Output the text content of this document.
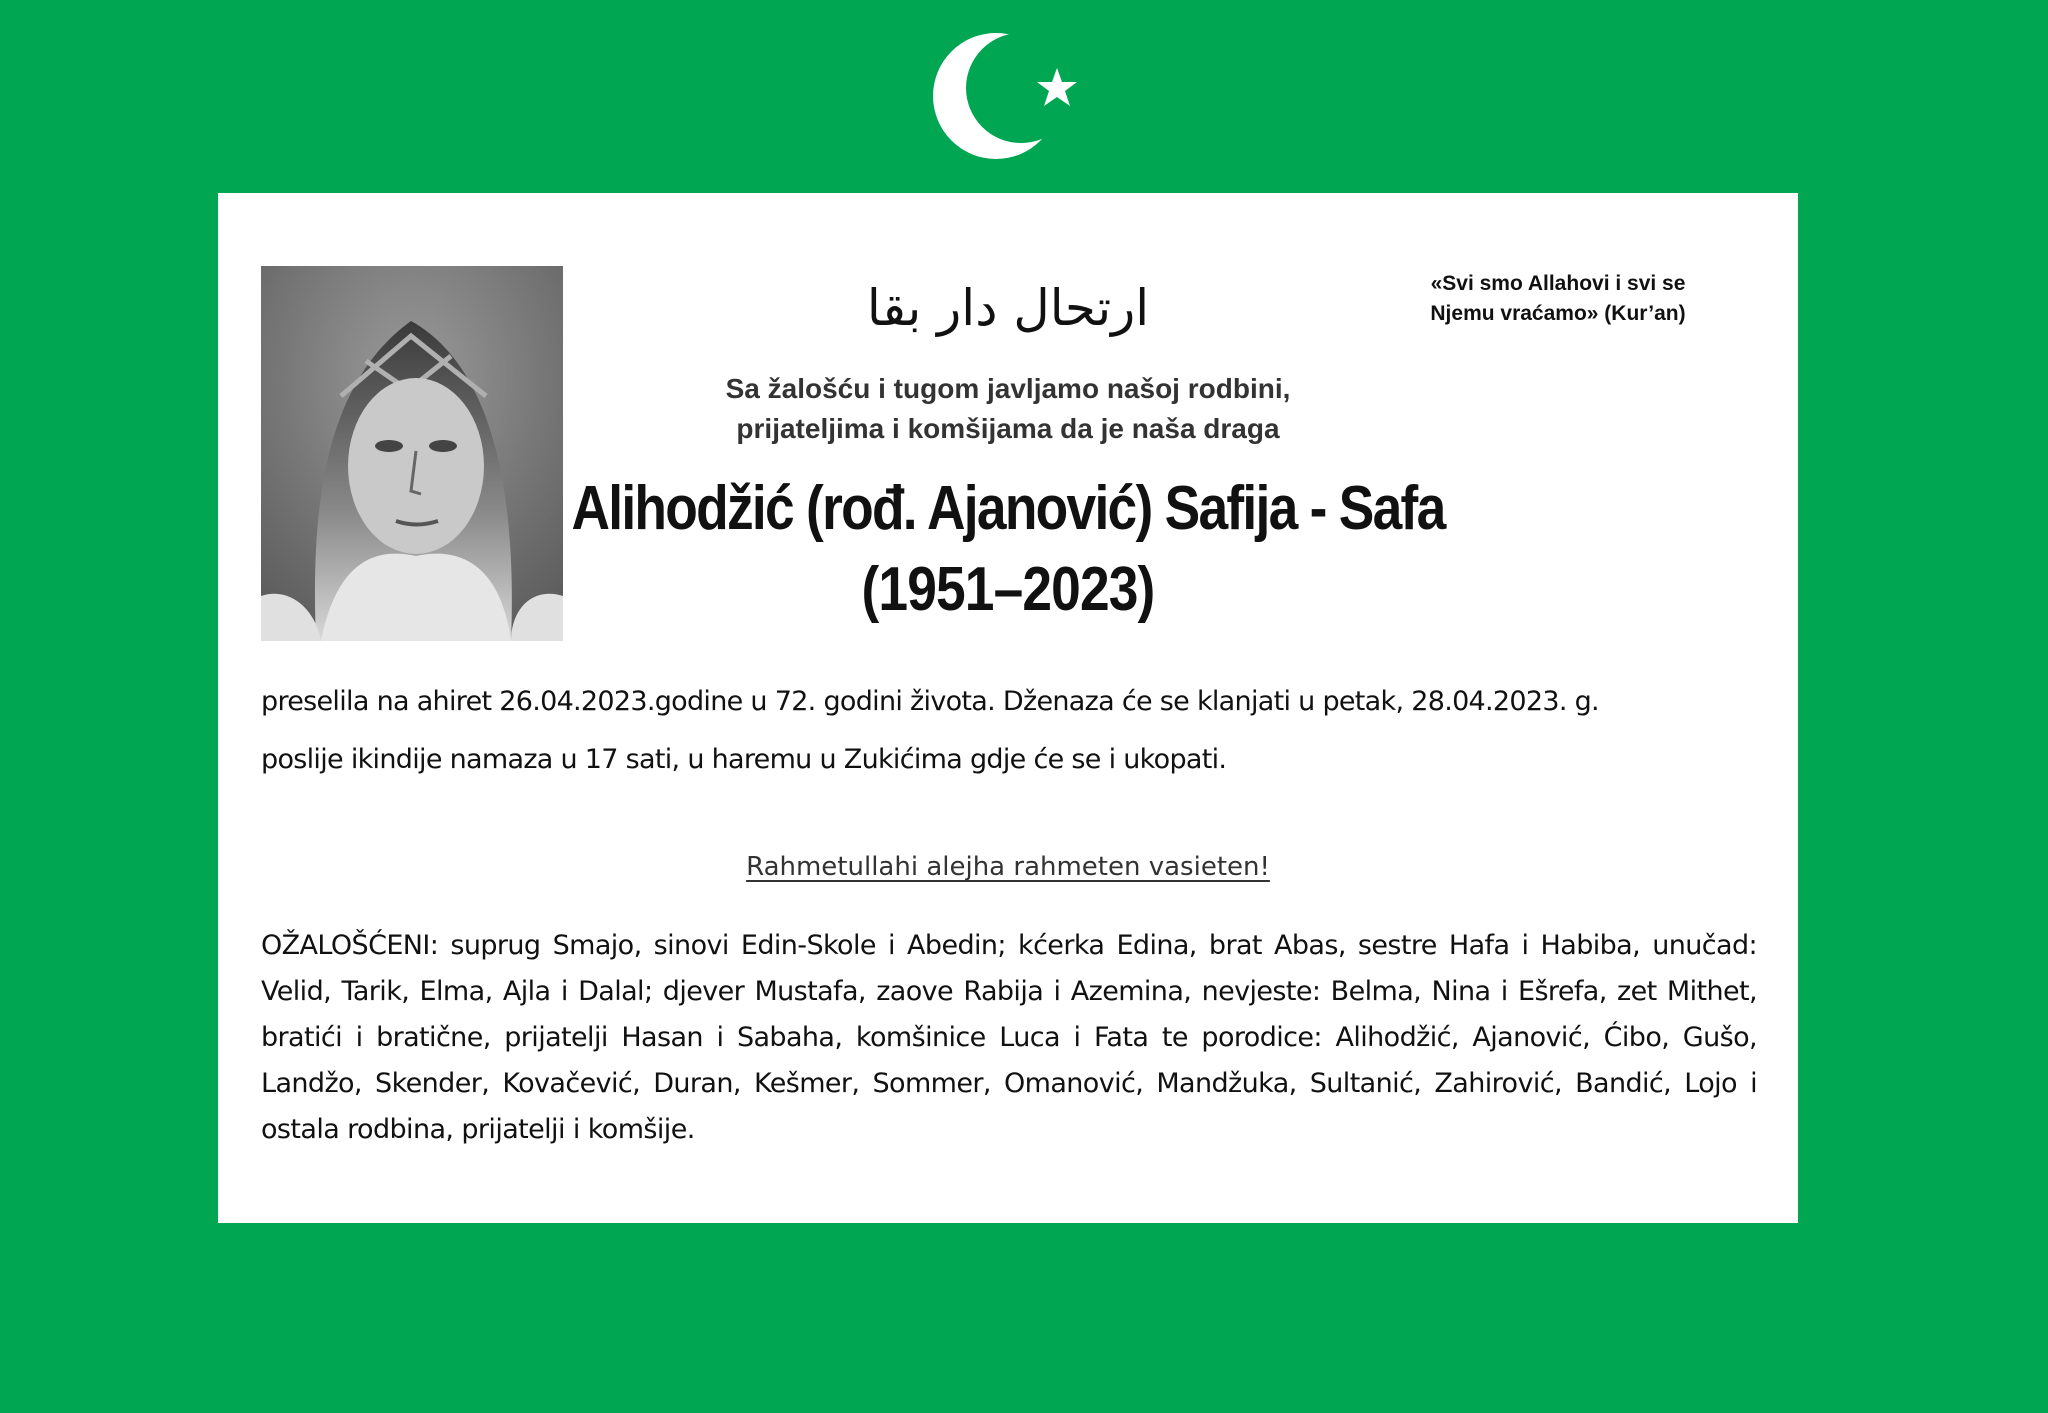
ارتحال دار بقا	«Svi smo Allahovi i svi se
Njemu vraćamo» (Kur’an)
Sa žalošću i tugom javljamo našoj rodbini,
prijateljima i komšijama da je naša draga
Alihodžić (rođ. Ajanović) Safija - Safa
(1951–2023)
preselila na ahiret 26.04.2023.godine u 72. godini života. Dženaza će se klanjati u petak, 28.04.2023. g.
poslije ikindije namaza u 17 sati, u haremu u Zukićima gdje će se i ukopati.
Rahmetullahi alejha rahmeten vasieten!
OŽALOŠĆENI: suprug Smajo, sinovi Edin-Skole i Abedin; kćerka Edina, brat Abas, sestre Hafa i Habiba, unučad: Velid, Tarik, Elma, Ajla i Dalal; djever Mustafa, zaove Rabija i Azemina, nevjeste: Belma, Nina i Ešrefa, zet Mithet, bratići i bratične, prijatelji Hasan i Sabaha, komšinice Luca i Fata te porodice: Alihodžić, Ajanović, Ćibo, Gušo, Landžo, Skender, Kovačević, Duran, Kešmer, Sommer, Omanović, Mandžuka, Sultanić, Zahirović, Bandić, Lojo i ostala rodbina, prijatelji i komšije.
